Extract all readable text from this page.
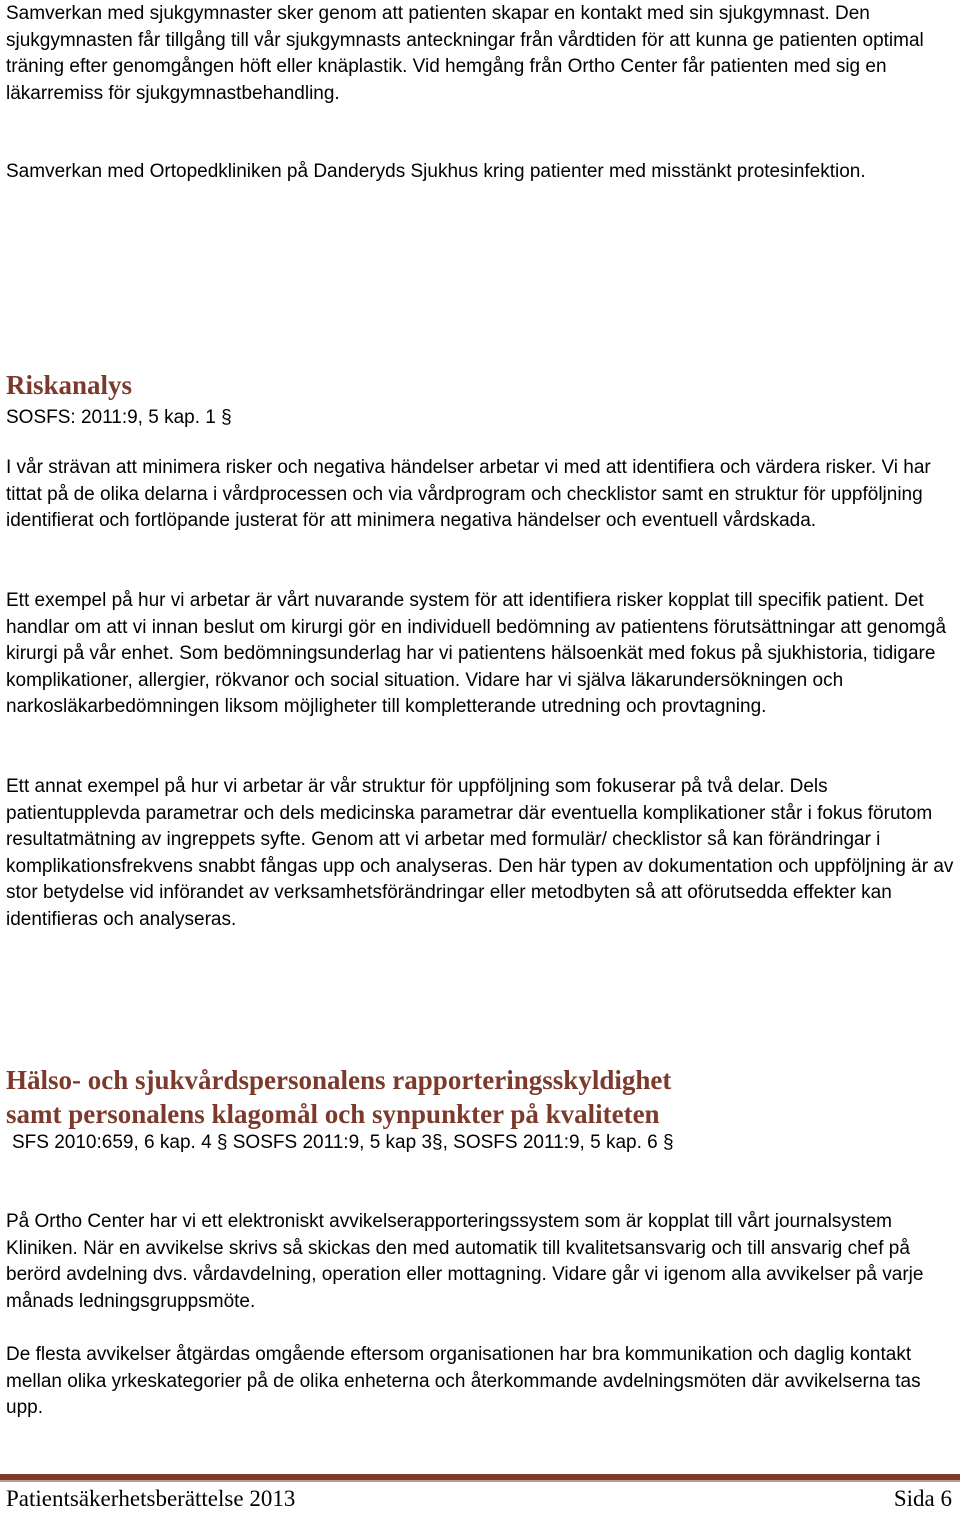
Samverkan med sjukgymnaster sker genom att patienten skapar en kontakt med sin sjukgymnast. Den sjukgymnasten får tillgång till vår sjukgymnasts anteckningar från vårdtiden för att kunna ge patienten optimal träning efter genomgången höft eller knäplastik. Vid hemgång från Ortho Center får patienten med sig en läkarremiss för sjukgymnastbehandling.

Samverkan med Ortopedkliniken på Danderyds Sjukhus kring patienter med misstänkt protesinfektion.

Riskanalys

SOSFS: 2011:9, 5 kap. 1 §

I vår strävan att minimera risker och negativa händelser arbetar vi med att identifiera och värdera risker. Vi har tittat på de olika delarna i vårdprocessen och via vårdprogram och checklistor samt en struktur för uppföljning identifierat och fortlöpande justerat för att minimera negativa händelser och eventuell vårdskada.

Ett exempel på hur vi arbetar är vårt nuvarande system för att identifiera risker kopplat till specifik patient. Det handlar om att vi innan beslut om kirurgi gör en individuell bedömning av patientens förutsättningar att genomgå kirurgi på vår enhet. Som bedömningsunderlag har vi patientens hälsoenkät med fokus på sjukhistoria, tidigare komplikationer, allergier, rökvanor och social situation. Vidare har vi själva läkarundersökningen och narkosläkarbedömningen liksom möjligheter till kompletterande utredning och provtagning.

Ett annat exempel på hur vi arbetar är vår struktur för uppföljning som fokuserar på två delar. Dels patientupplevda parametrar och dels medicinska parametrar där eventuella komplikationer står i fokus förutom resultatmätning av ingreppets syfte. Genom att vi arbetar med formulär/ checklistor så kan förändringar i komplikationsfrekvens snabbt fångas upp och analyseras. Den här typen av dokumentation och uppföljning är av stor betydelse vid införandet av verksamhetsförändringar eller metodbyten så att oförutsedda effekter kan identifieras och analyseras.

Hälso- och sjukvårdspersonalens rapporteringsskyldighet
samt personalens klagomål och synpunkter på kvaliteten

SFS 2010:659, 6 kap. 4 § SOSFS 2011:9, 5 kap 3§, SOSFS 2011:9, 5 kap. 6 §

På Ortho Center har vi ett elektroniskt avvikelserapporteringssystem som är kopplat till vårt journalsystem Kliniken. När en avvikelse skrivs så skickas den med automatik till kvalitetsansvarig och till ansvarig chef på berörd avdelning dvs. vårdavdelning, operation eller mottagning. Vidare går vi igenom alla avvikelser på varje månads ledningsgruppsmöte.

De flesta avvikelser åtgärdas omgående eftersom organisationen har bra kommunikation och daglig kontakt mellan olika yrkeskategorier på de olika enheterna och återkommande avdelningsmöten där avvikelserna tas upp.

Patientsäkerhetsberättelse 2013	Sida 6
